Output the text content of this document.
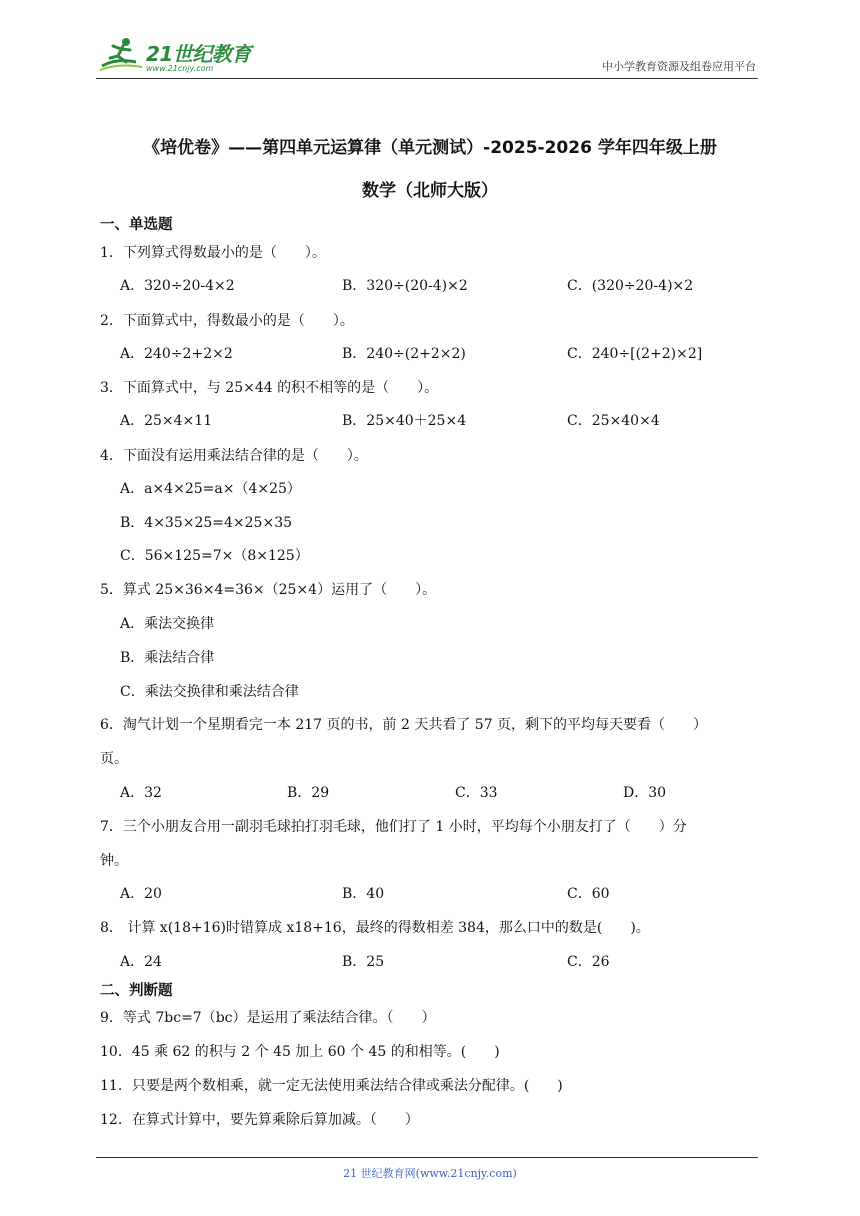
21世纪教育
www.21cnjy.com	中小学教育资源及组卷应用平台
《培优卷》——第四单元运算律（单元测试）-2025-2026 学年四年级上册
数学（北师大版）
一、单选题
1．下列算式得数最小的是（　　）。
A．320÷20-4×2	B．320÷(20-4)×2	C．(320÷20-4)×2
2．下面算式中，得数最小的是（　　）。
A．240÷2+2×2	B．240÷(2+2×2)	C．240÷[(2+2)×2]
3．下面算式中，与 25×44 的积不相等的是（　　）。
A．25×4×11	B．25×40＋25×4	C．25×40×4
4．下面没有运用乘法结合律的是（　　）。
A．a×4×25=a×（4×25）
B．4×35×25=4×25×35
C．56×125=7×（8×125）
5．算式 25×36×4=36×（25×4）运用了（　　）。
A．乘法交换律
B．乘法结合律
C．乘法交换律和乘法结合律
6．淘气计划一个星期看完一本 217 页的书，前 2 天共看了 57 页，剩下的平均每天要看（　　）
页。
A．32	B．29	C．33	D．30
7．三个小朋友合用一副羽毛球拍打羽毛球，他们打了 1 小时，平均每个小朋友打了（　　）分
钟。
A．20	B．40	C．60
8． 计算 x(18+16)时错算成 x18+16，最终的得数相差 384，那么口中的数是(　　)。
A．24	B．25	C．26
二、判断题
9．等式 7bc=7（bc）是运用了乘法结合律。（　　）
10．45 乘 62 的积与 2 个 45 加上 60 个 45 的和相等。(　　)
11．只要是两个数相乘，就一定无法使用乘法结合律或乘法分配律。(　　)
12．在算式计算中，要先算乘除后算加减。（　　）
21 世纪教育网(www.21cnjy.com)
